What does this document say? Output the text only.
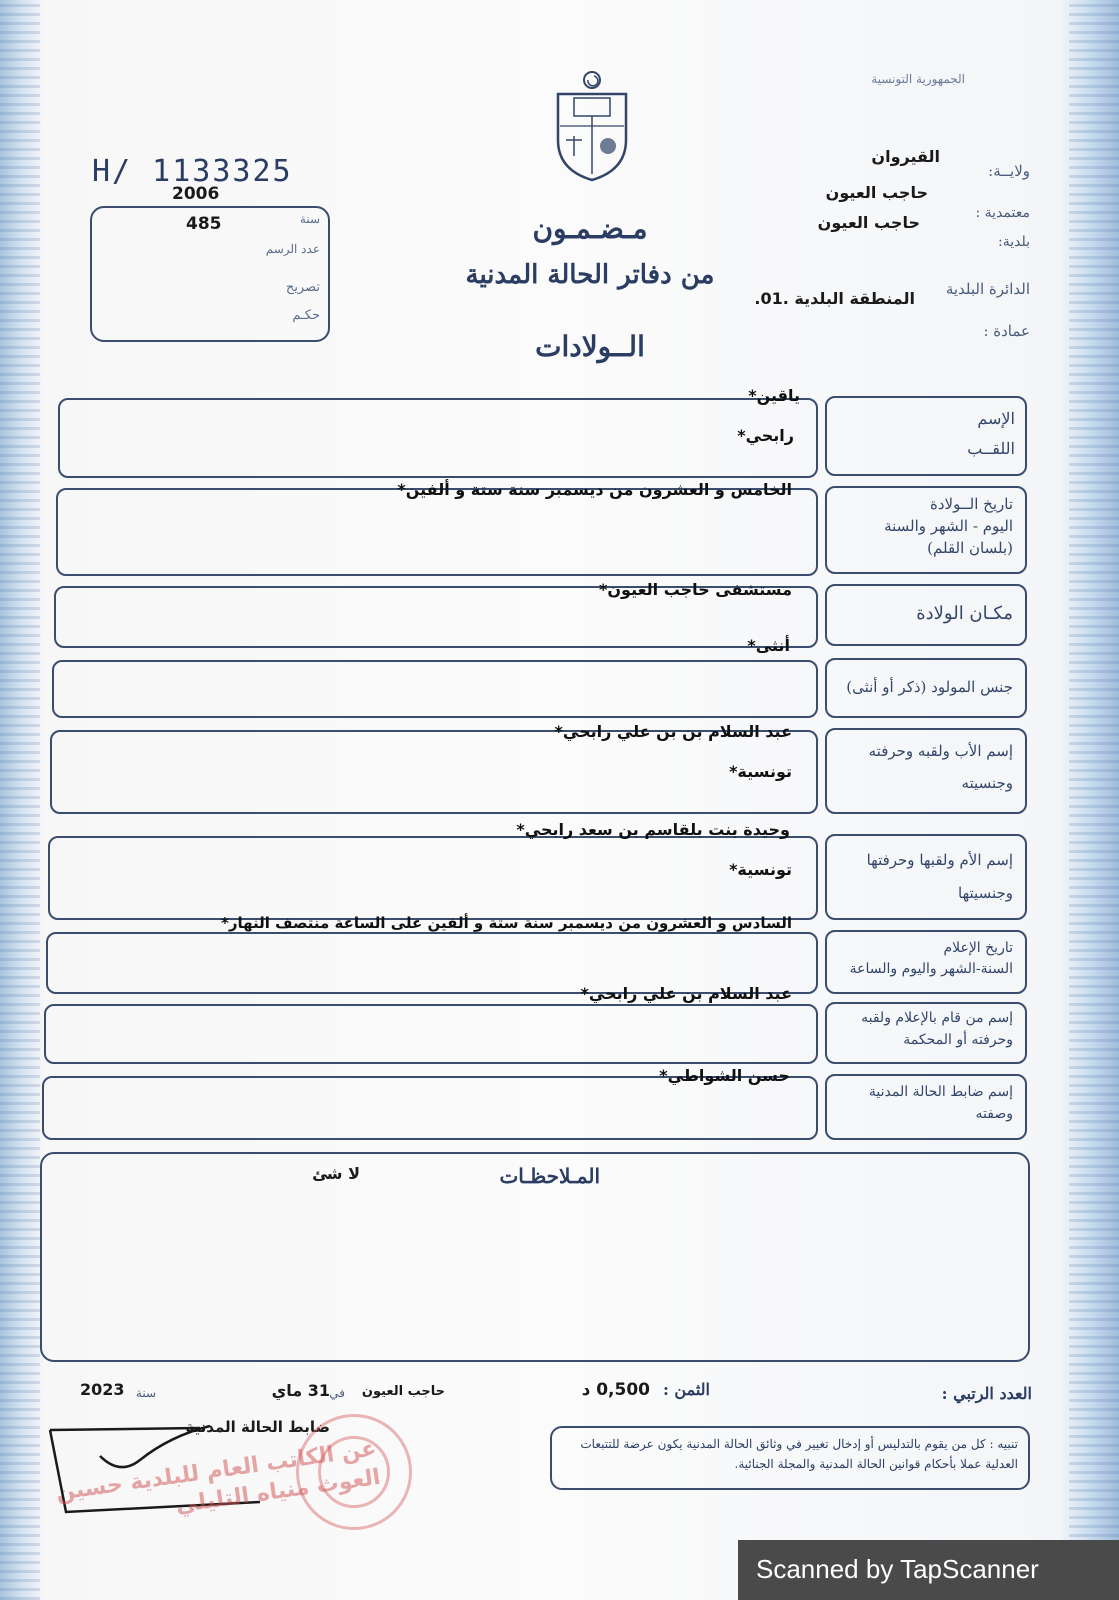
الجمهورية التونسية
ولايــة:
القيروان
معتمدية :
حاجب العيون
بلدية:
حاجب العيون
الدائرة البلدية
المنطقة البلدية .01.
عمادة :
H/ 1133325
2006
سنة
485
عدد الرسم
تصريح
حكـم
مـضـمـون
من دفاتر الحالة المدنية
الــولادات
الإسم
اللقــب
ياقين*
رابحي*
تاريخ الــولادة
اليوم - الشهر والسنة
(بلسان القلم)
الخامس و العشرون من ديسمبر سنة ستة و ألفين*
مكـان الولادة
مستشفى حاجب العيون*
جنس المولود (ذكر أو أنثى)
أنثى*
إسم الأب ولقبه وحرفته
وجنسيته
عبد السلام بن بن علي رابحي*
تونسية*
إسم الأم ولقبها وحرفتها
وجنسيتها
وحيدة بنت بلقاسم بن سعد رابحي*
تونسية*
تاريخ الإعلام
السنة-الشهر واليوم والساعة
السادس و العشرون من ديسمبر سنة ستة و ألفين على الساعة منتصف النهار*
إسم من قام بالإعلام ولقبه
وحرفته أو المحكمة
عبد السلام بن علي رابحي*
إسم ضابط الحالة المدنية
وصفته
حسن الشواطي*
المـلاحظـات
لا شئ
العدد الرتبي :
الثمن :
0,500 د
حاجب العيون
في
31 ماي
سنة
2023
تنبيه : كل من يقوم بالتدليس أو إدخال تغيير في وثائق الحالة المدنية يكون عرضة للتتبعات العدلية عملا بأحكام قوانين الحالة المدنية والمجلة الجنائية.
ضابط الحالة المدنية
عن الكاتب العام للبلدية حسين العوث منياه التليلي
Scanned by TapScanner
